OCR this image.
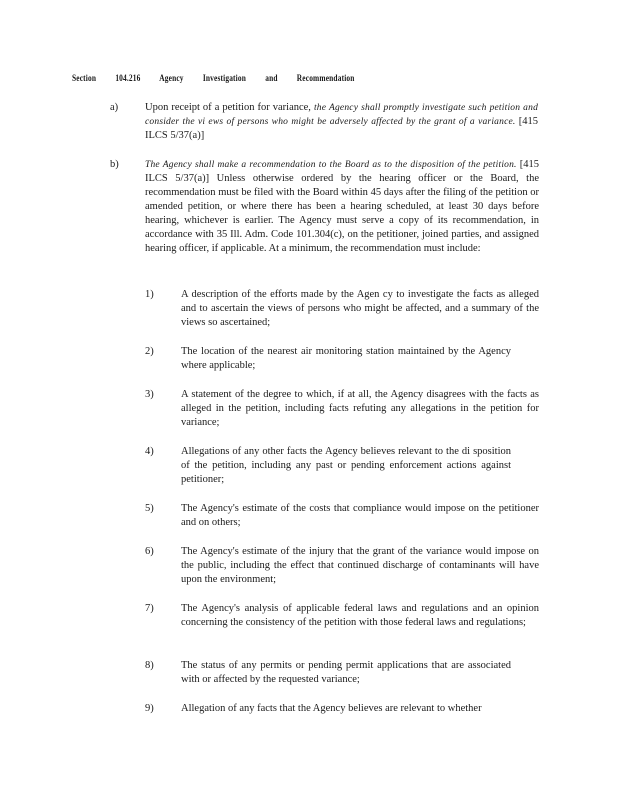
Section 104.216 Agency Investigation and Recommendation
a)	Upon receipt of a petition for variance, the Agency shall promptly investigate such petition and consider the vi ews of persons who might be adversely affected by the grant of a variance. [415 ILCS 5/37(a)]
b)	The Agency shall make a recommendation to the Board as to the disposition of the petition. [415 ILCS 5/37(a)] Unless otherwise ordered by the hearing officer or the Board, the recommendation must be filed with the Board within 45 days after the filing of the petition or amended petition, or where there has been a hearing scheduled, at least 30 days before hearing, whichever is earlier. The Agency must serve a copy of its recommendation, in accordance with 35 Ill. Adm. Code 101.304(c), on the petitioner, joined parties, and assigned hearing officer, if applicable. At a minimum, the recommendation must include:
1)	A description of the efforts made by the Agen cy to investigate the facts as alleged and to ascertain the views of persons who might be affected, and a summary of the views so ascertained;
2)	The location of the nearest air monitoring station maintained by the Agency where applicable;
3)	A statement of the degree to which, if at all, the Agency disagrees with the facts as alleged in the petition, including facts refuting any allegations in the petition for variance;
4)	Allegations of any other facts the Agency believes relevant to the di sposition of the petition, including any past or pending enforcement actions against petitioner;
5)	The Agency's estimate of the costs that compliance would impose on the petitioner and on others;
6)	The Agency's estimate of the injury that the grant of the variance would impose on the public, including the effect that continued discharge of contaminants will have upon the environment;
7)	The Agency's analysis of applicable federal laws and regulations and an opinion concerning the consistency of the petition with those federal laws and regulations;
8)	The status of any permits or pending permit applications that are associated with or affected by the requested variance;
9)	Allegation of any facts that the Agency believes are relevant to whether
